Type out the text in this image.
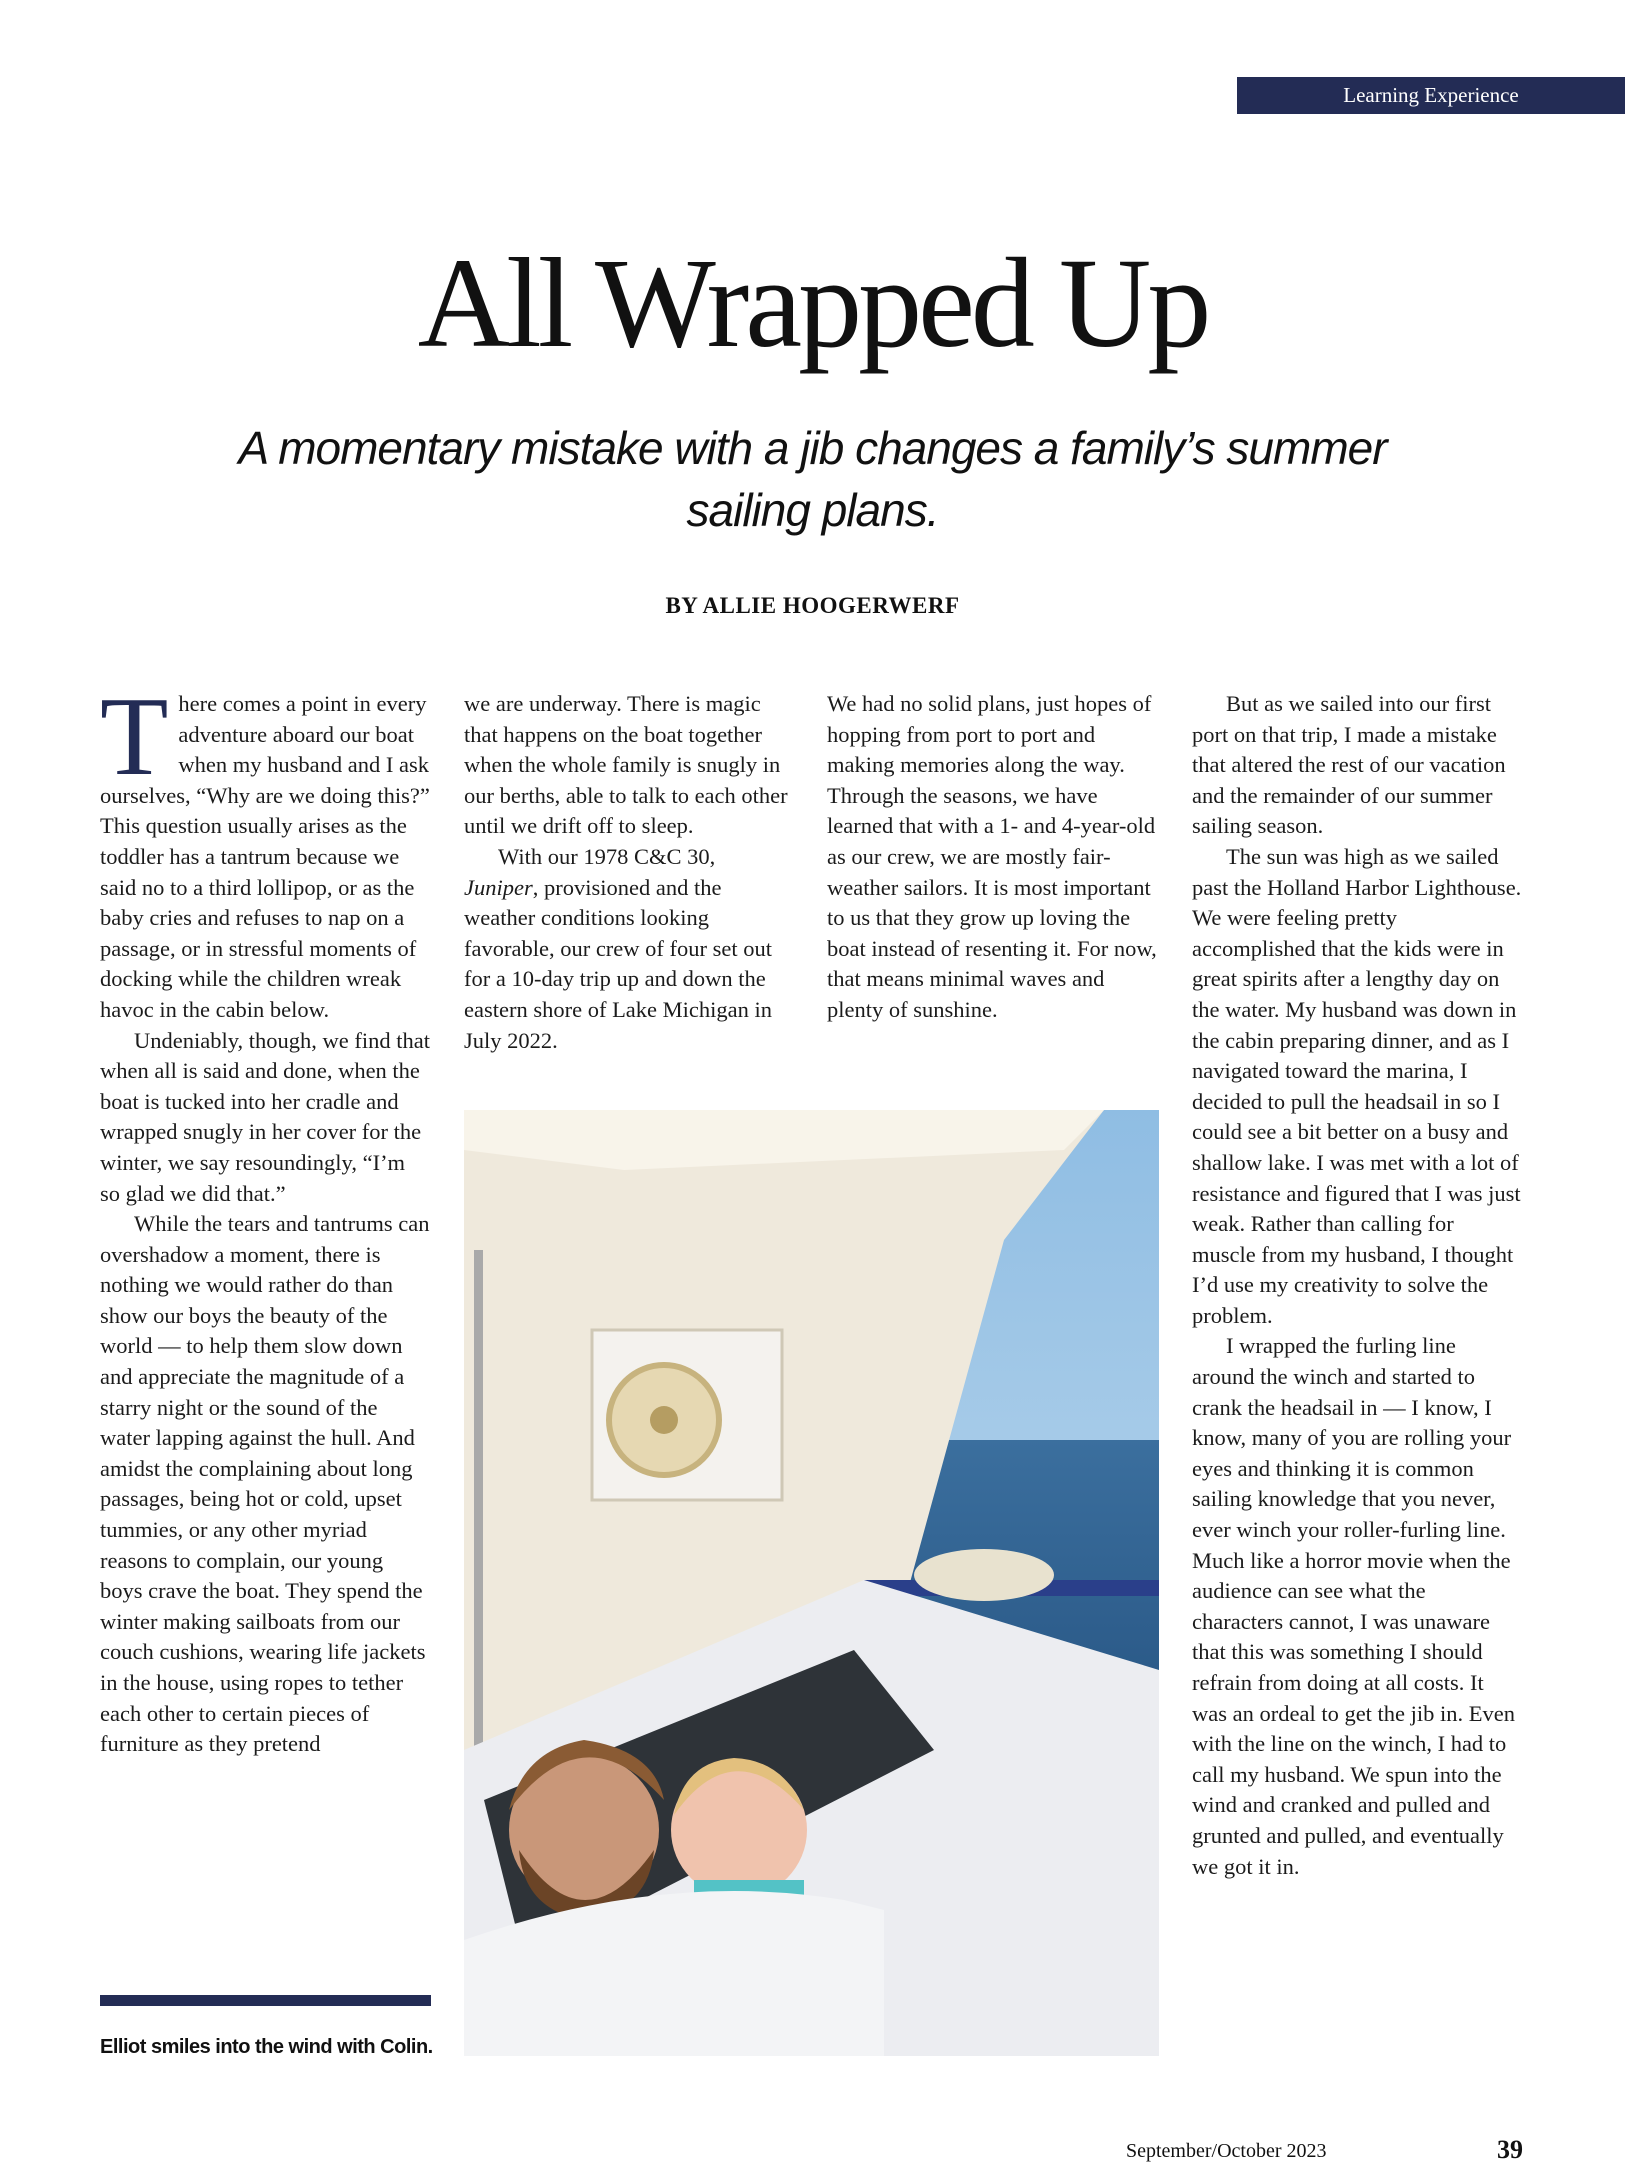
Learning Experience
All Wrapped Up
A momentary mistake with a jib changes a family’s summer sailing plans.
BY ALLIE HOOGERWERF
T here comes a point in every adventure aboard our boat when my husband and I ask ourselves, “Why are we doing this?” This question usually arises as the toddler has a tantrum because we said no to a third lollipop, or as the baby cries and refuses to nap on a passage, or in stressful moments of docking while the children wreak havoc in the cabin below.

Undeniably, though, we find that when all is said and done, when the boat is tucked into her cradle and wrapped snugly in her cover for the winter, we say resoundingly, “I’m so glad we did that.”

While the tears and tantrums can overshadow a moment, there is nothing we would rather do than show our boys the beauty of the world — to help them slow down and appreciate the magnitude of a starry night or the sound of the water lapping against the hull. And amidst the complaining about long passages, being hot or cold, upset tummies, or any other myriad reasons to complain, our young boys crave the boat. They spend the winter making sailboats from our couch cushions, wearing life jackets in the house, using ropes to tether each other to certain pieces of furniture as they pretend

we are underway. There is magic that happens on the boat together when the whole family is snugly in our berths, able to talk to each other until we drift off to sleep.

With our 1978 C&C 30, Juniper, provisioned and the weather conditions looking favorable, our crew of four set out for a 10-day trip up and down the eastern shore of Lake Michigan in July 2022.

We had no solid plans, just hopes of hopping from port to port and making memories along the way. Through the seasons, we have learned that with a 1- and 4-year-old as our crew, we are mostly fair-weather sailors. It is most important to us that they grow up loving the boat instead of resenting it. For now, that means minimal waves and plenty of sunshine.

But as we sailed into our first port on that trip, I made a mistake that altered the rest of our vacation and the remainder of our summer sailing season.

The sun was high as we sailed past the Holland Harbor Lighthouse. We were feeling pretty accomplished that the kids were in great spirits after a lengthy day on the water. My husband was down in the cabin preparing dinner, and as I navigated toward the marina, I decided to pull the headsail in so I could see a bit better on a busy and shallow lake. I was met with a lot of resistance and figured that I was just weak. Rather than calling for muscle from my husband, I thought I’d use my creativity to solve the problem.

I wrapped the furling line around the winch and started to crank the headsail in — I know, I know, many of you are rolling your eyes and thinking it is common sailing knowledge that you never, ever winch your roller-furling line. Much like a horror movie when the audience can see what the characters cannot, I was unaware that this was something I should refrain from doing at all costs. It was an ordeal to get the jib in. Even with the line on the winch, I had to call my husband. We spun into the wind and cranked and pulled and grunted and pulled, and eventually we got it in.

Elliot smiles into the wind with Colin.
September/October 2023	39
